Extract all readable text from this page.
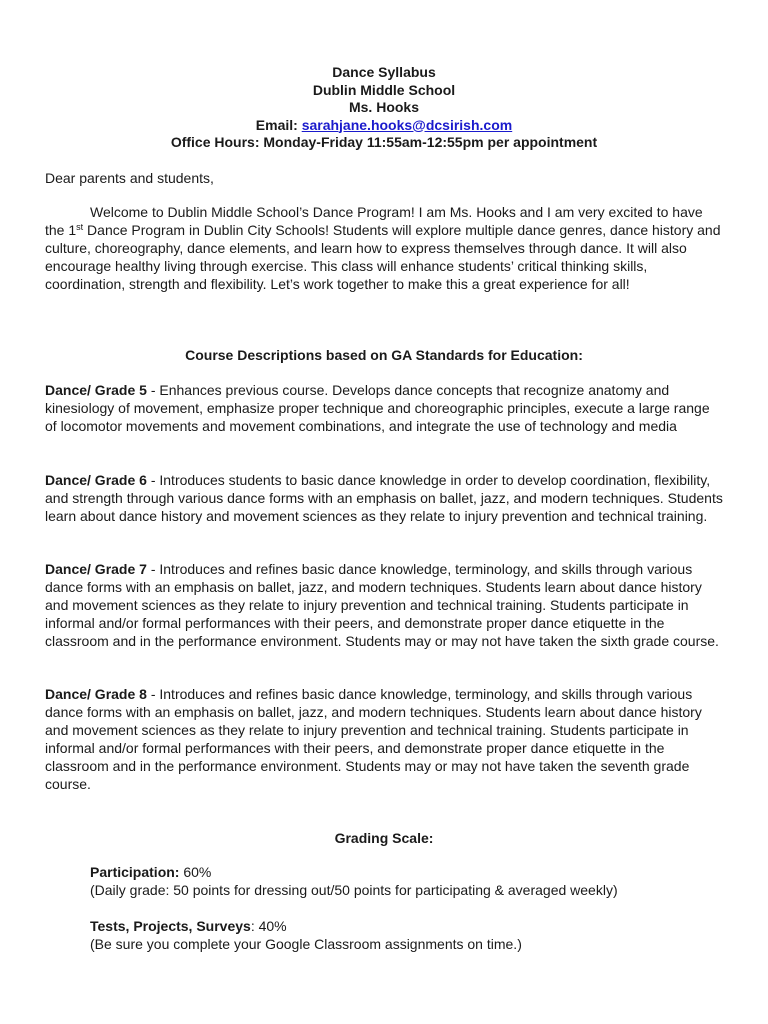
Dance Syllabus
Dublin Middle School
Ms. Hooks
Email: sarahjane.hooks@dcsirish.com
Office Hours: Monday-Friday 11:55am-12:55pm per appointment
Dear parents and students,
Welcome to Dublin Middle School’s Dance Program! I am Ms. Hooks and I am very excited to have the 1st Dance Program in Dublin City Schools! Students will explore multiple dance genres, dance history and culture, choreography, dance elements, and learn how to express themselves through dance. It will also encourage healthy living through exercise. This class will enhance students’ critical thinking skills, coordination, strength and flexibility. Let’s work together to make this a great experience for all!
Course Descriptions based on GA Standards for Education:
Dance/ Grade 5 - Enhances previous course. Develops dance concepts that recognize anatomy and kinesiology of movement, emphasize proper technique and choreographic principles, execute a large range of locomotor movements and movement combinations, and integrate the use of technology and media
Dance/ Grade 6 - Introduces students to basic dance knowledge in order to develop coordination, flexibility, and strength through various dance forms with an emphasis on ballet, jazz, and modern techniques. Students learn about dance history and movement sciences as they relate to injury prevention and technical training.
Dance/ Grade 7 - Introduces and refines basic dance knowledge, terminology, and skills through various dance forms with an emphasis on ballet, jazz, and modern techniques. Students learn about dance history and movement sciences as they relate to injury prevention and technical training. Students participate in informal and/or formal performances with their peers, and demonstrate proper dance etiquette in the classroom and in the performance environment. Students may or may not have taken the sixth grade course.
Dance/ Grade 8 - Introduces and refines basic dance knowledge, terminology, and skills through various dance forms with an emphasis on ballet, jazz, and modern techniques. Students learn about dance history and movement sciences as they relate to injury prevention and technical training. Students participate in informal and/or formal performances with their peers, and demonstrate proper dance etiquette in the classroom and in the performance environment. Students may or may not have taken the seventh grade course.
Grading Scale:
Participation: 60%
(Daily grade: 50 points for dressing out/50 points for participating & averaged weekly)
Tests, Projects, Surveys: 40%
(Be sure you complete your Google Classroom assignments on time.)
